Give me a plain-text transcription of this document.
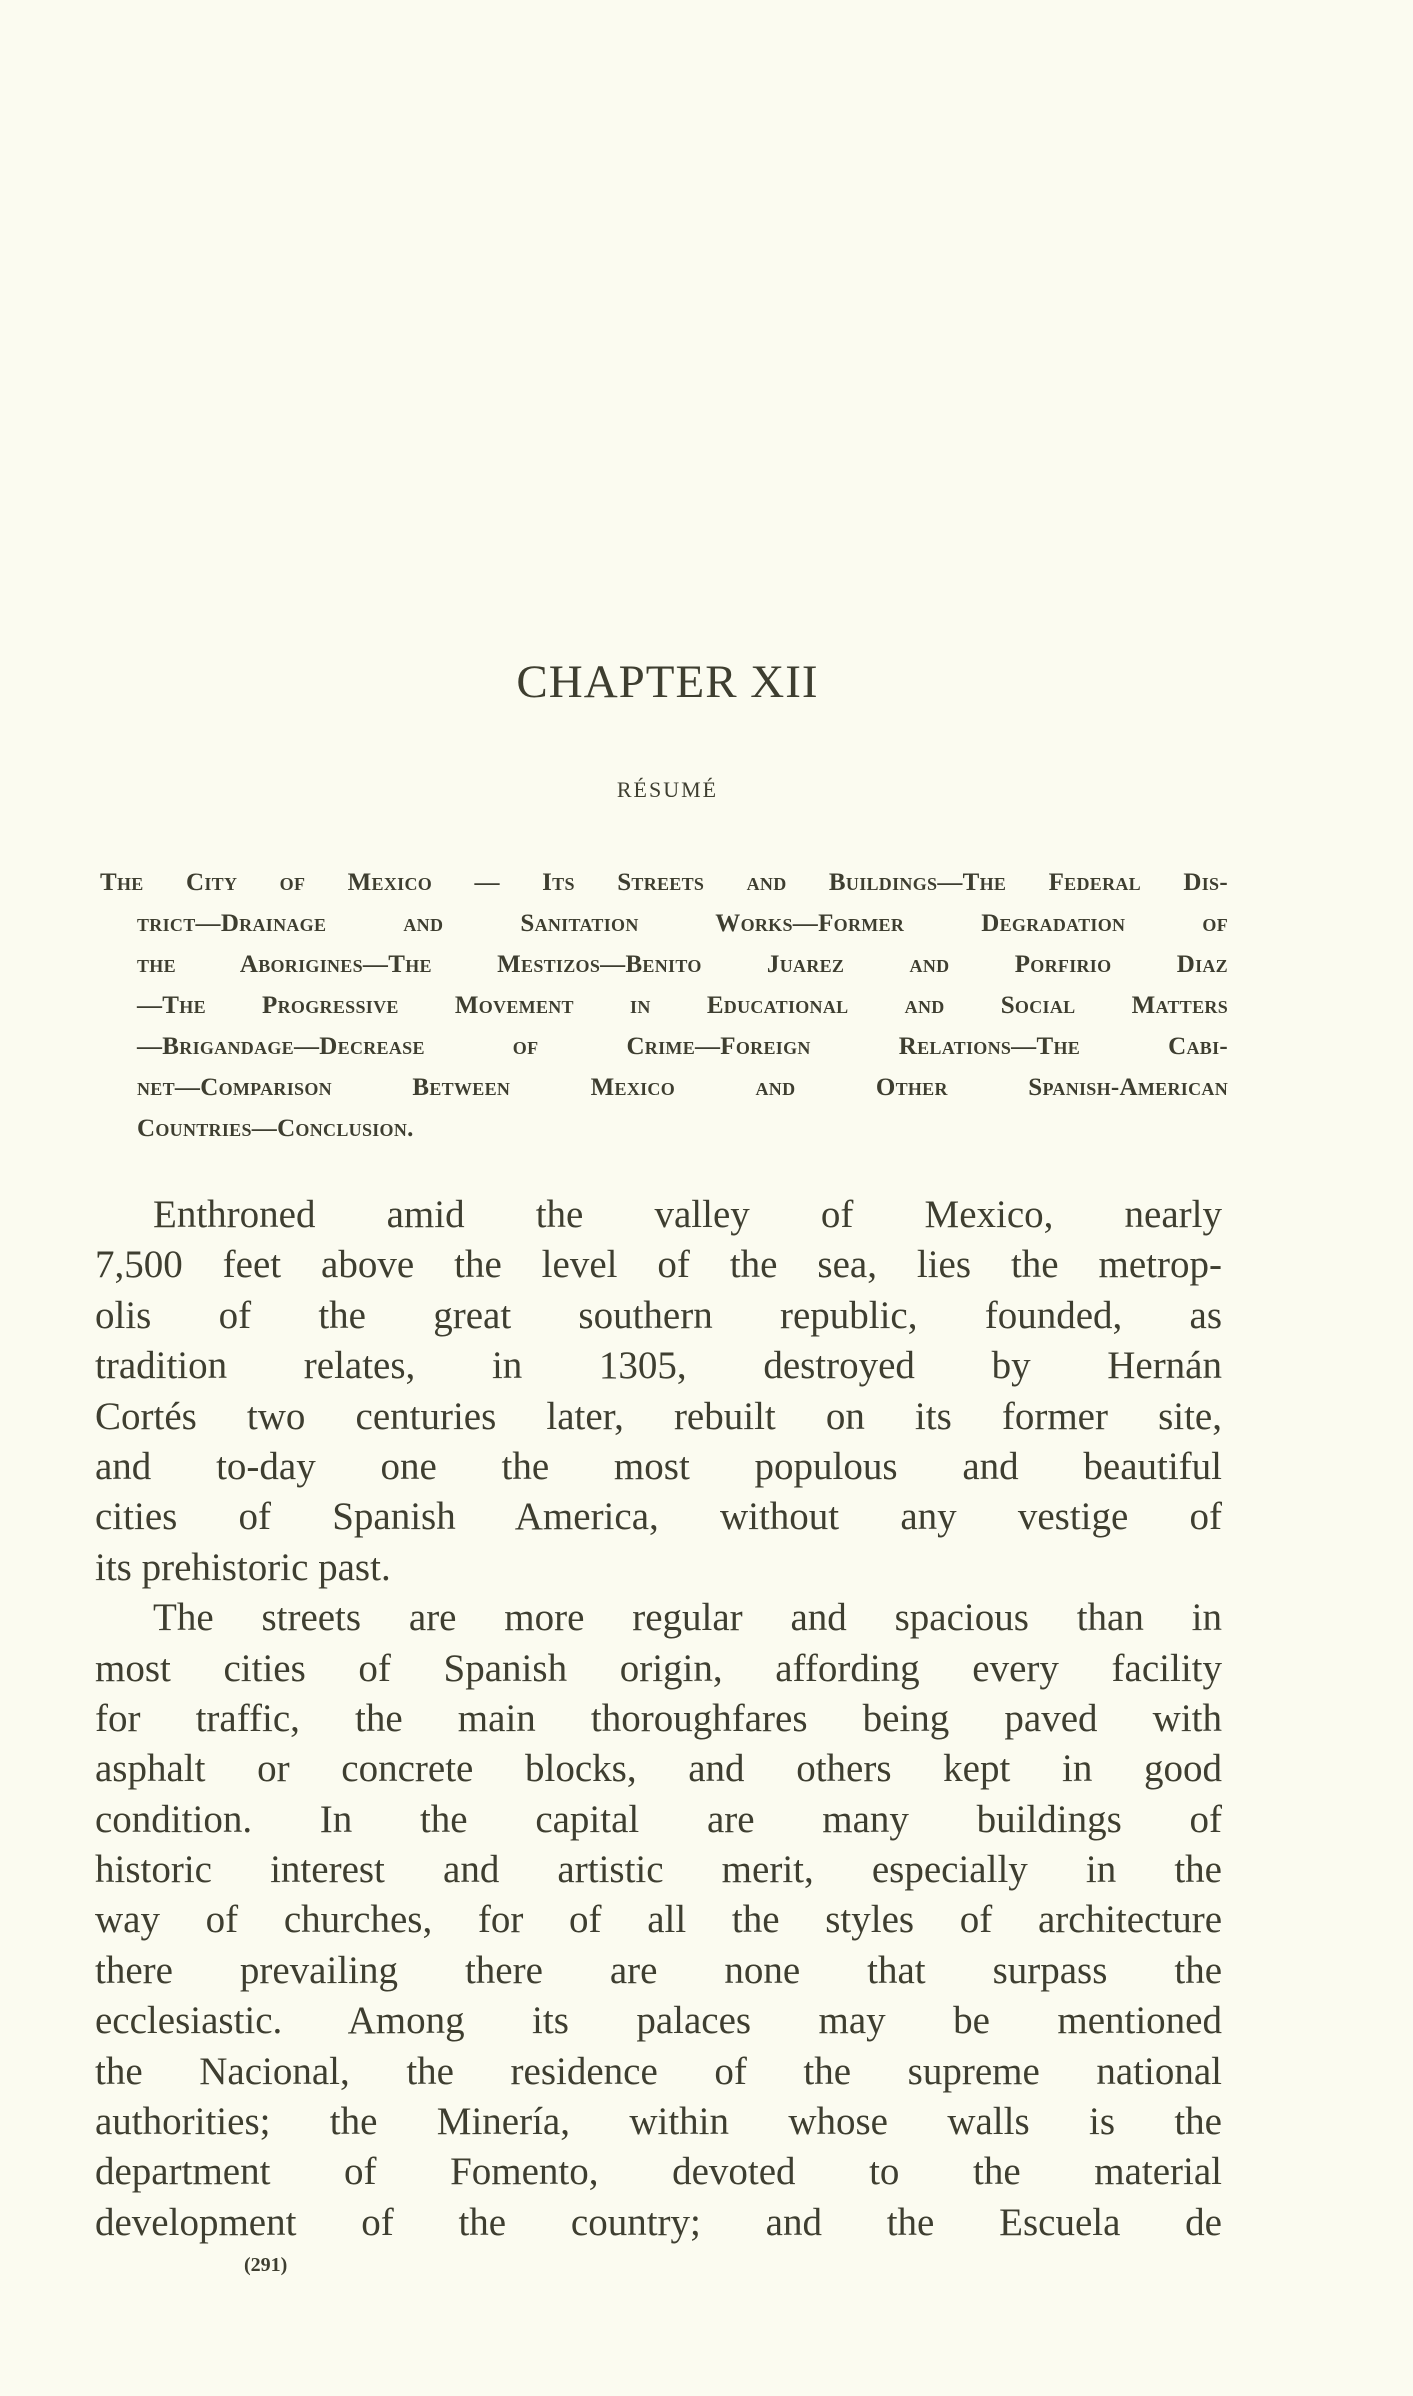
CHAPTER XII
RÉSUMÉ
The City of Mexico — Its Streets and Buildings—The Federal Dis-
trict—Drainage and Sanitation Works—Former Degradation of
the Aborigines—The Mestizos—Benito Juarez and Porfirio Diaz
—The Progressive Movement in Educational and Social Matters
—Brigandage—Decrease of Crime—Foreign Relations—The Cabi-
net—Comparison Between Mexico and Other Spanish-American
Countries—Conclusion.
Enthroned amid the valley of Mexico, nearly
7,500 feet above the level of the sea, lies the metrop-
olis of the great southern republic, founded, as
tradition relates, in 1305, destroyed by Hernán
Cortés two centuries later, rebuilt on its former site,
and to-day one the most populous and beautiful
cities of Spanish America, without any vestige of
its prehistoric past.
The streets are more regular and spacious than in
most cities of Spanish origin, affording every facility
for traffic, the main thoroughfares being paved with
asphalt or concrete blocks, and others kept in good
condition. In the capital are many buildings of
historic interest and artistic merit, especially in the
way of churches, for of all the styles of architecture
there prevailing there are none that surpass the
ecclesiastic. Among its palaces may be mentioned
the Nacional, the residence of the supreme national
authorities; the Minería, within whose walls is the
department of Fomento, devoted to the material
development of the country; and the Escuela de
(291)
